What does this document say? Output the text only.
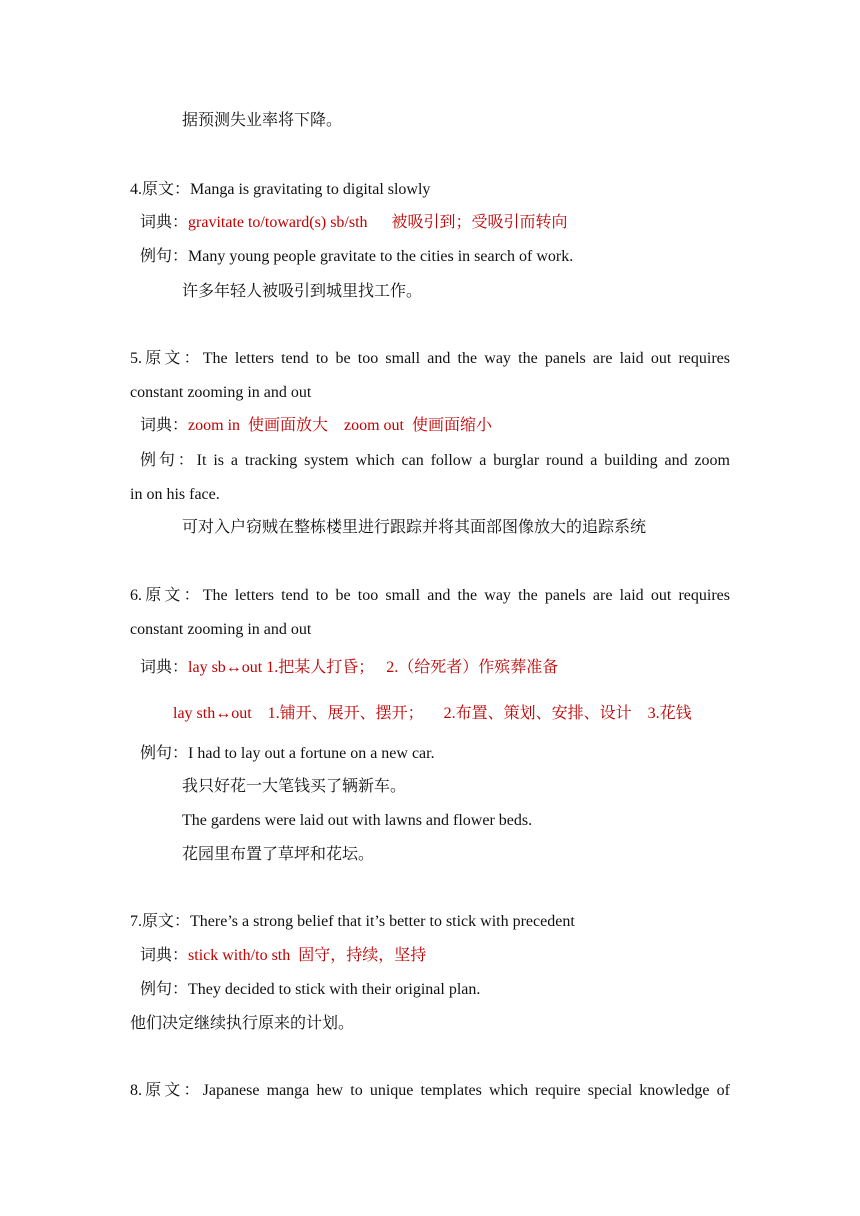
据预测失业率将下降。
4.原文：Manga is gravitating to digital slowly
词典：gravitate to/toward(s) sb/sth      被吸引到；受吸引而转向
例句：Many young people gravitate to the cities in search of work.
许多年轻人被吸引到城里找工作。
5.原文：The letters tend to be too small and the way the panels are laid out requires
constant zooming in and out
词典：zoom in  使画面放大    zoom out  使画面缩小
例句：It is a tracking system which can follow a burglar round a building and zoom
in on his face.
可对入户窃贼在整栋楼里进行跟踪并将其面部图像放大的追踪系统
6.原文：The letters tend to be too small and the way the panels are laid out requires
constant zooming in and out
词典：lay sb↔out 1.把某人打昏；   2.（给死者）作殡葬准备
lay sth↔out    1.铺开、展开、摆开；     2.布置、策划、安排、设计    3.花钱
例句：I had to lay out a fortune on a new car.
我只好花一大笔钱买了辆新车。
The gardens were laid out with lawns and flower beds.
花园里布置了草坪和花坛。
7.原文：There’s a strong belief that it’s better to stick with precedent
词典：stick with/to sth  固守，持续，坚持
例句：They decided to stick with their original plan.
他们决定继续执行原来的计划。
8.原文：Japanese manga hew to unique templates which require special knowledge of
